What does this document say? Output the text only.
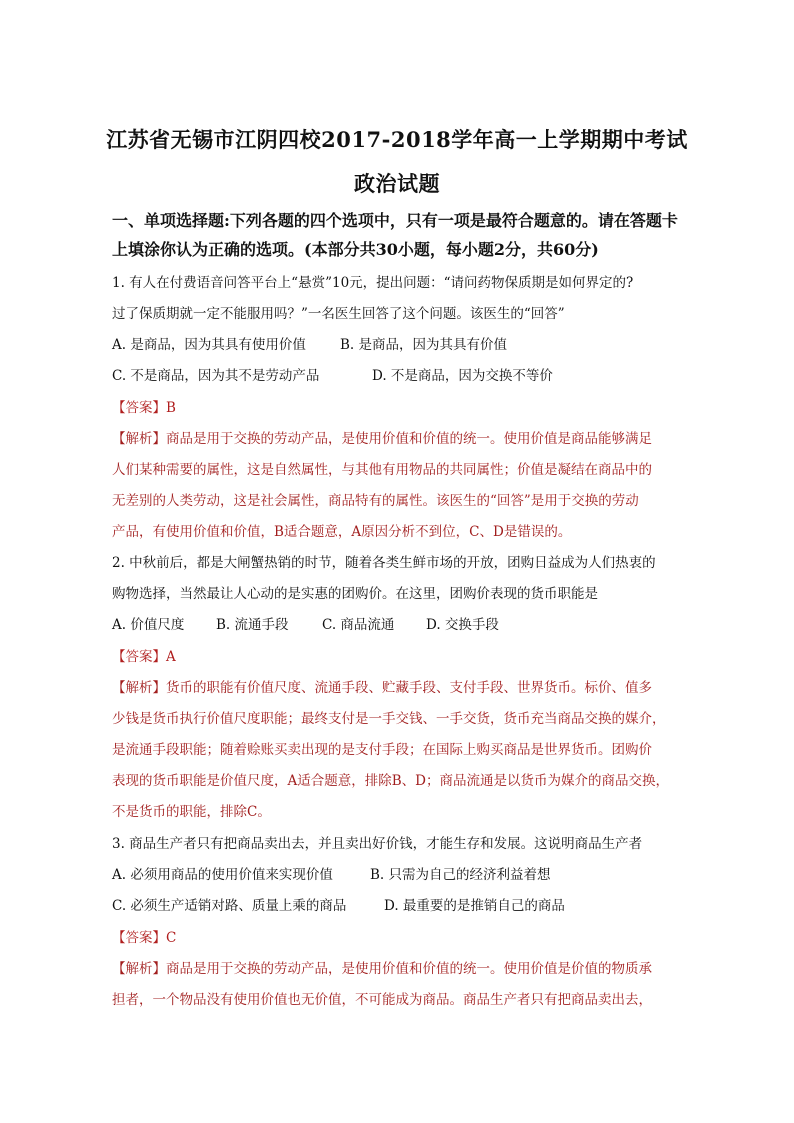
江苏省无锡市江阴四校2017-2018学年高一上学期期中考试
政治试题
一、单项选择题:下列各题的四个选项中，只有一项是最符合题意的。请在答题卡
上填涂你认为正确的选项。(本部分共30小题，每小题2分，共60分)
1. 有人在付费语音问答平台上“悬赏”10元，提出问题：“请问药物保质期是如何界定的?
过了保质期就一定不能服用吗？”一名医生回答了这个问题。该医生的“回答”
A. 是商品，因为其具有使用价值	B. 是商品，因为其具有价值
C. 不是商品，因为其不是劳动产品	D. 不是商品，因为交换不等价
【答案】B
【解析】商品是用于交换的劳动产品，是使用价值和价值的统一。使用价值是商品能够满足
人们某种需要的属性，这是自然属性，与其他有用物品的共同属性；价值是凝结在商品中的
无差别的人类劳动，这是社会属性，商品特有的属性。该医生的“回答”是用于交换的劳动
产品，有使用价值和价值，B适合题意，A原因分析不到位，C、D是错误的。
2. 中秋前后，都是大闸蟹热销的时节，随着各类生鲜市场的开放，团购日益成为人们热衷的
购物选择，当然最让人心动的是实惠的团购价。在这里，团购价表现的货币职能是
A. 价值尺度 B. 流通手段 C. 商品流通 D. 交换手段
【答案】A
【解析】货币的职能有价值尺度、流通手段、贮藏手段、支付手段、世界货币。标价、值多
少钱是货币执行价值尺度职能；最终支付是一手交钱、一手交货，货币充当商品交换的媒介，
是流通手段职能；随着赊账买卖出现的是支付手段；在国际上购买商品是世界货币。团购价
表现的货币职能是价值尺度，A适合题意，排除B、D；商品流通是以货币为媒介的商品交换，
不是货币的职能，排除C。
3. 商品生产者只有把商品卖出去，并且卖出好价钱，才能生存和发展。这说明商品生产者
A. 必须用商品的使用价值来实现价值	B. 只需为自己的经济利益着想
C. 必须生产适销对路、质量上乘的商品	D. 最重要的是推销自己的商品
【答案】C
【解析】商品是用于交换的劳动产品，是使用价值和价值的统一。使用价值是价值的物质承
担者，一个物品没有使用价值也无价值，不可能成为商品。商品生产者只有把商品卖出去，
